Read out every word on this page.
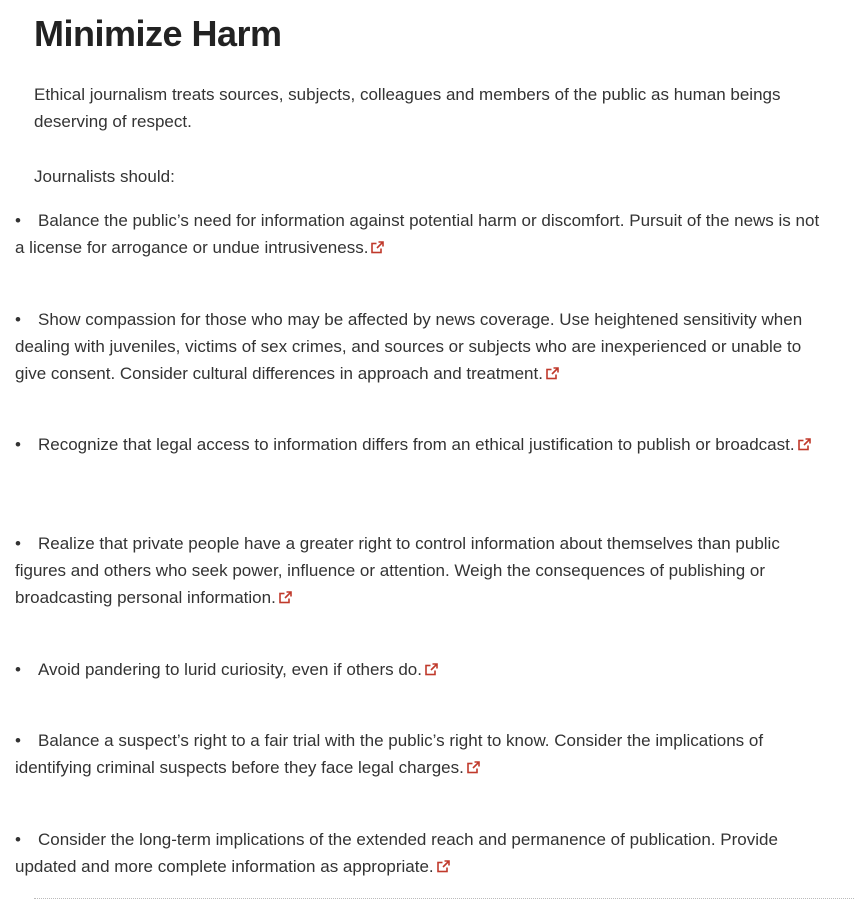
Minimize Harm

Ethical journalism treats sources, subjects, colleagues and members of the public as human beings deserving of respect.

Journalists should:

• Balance the public’s need for information against potential harm or discomfort. Pursuit of the news is not a license for arrogance or undue intrusiveness.
• Show compassion for those who may be affected by news coverage. Use heightened sensitivity when dealing with juveniles, victims of sex crimes, and sources or subjects who are inexperienced or unable to give consent. Consider cultural differences in approach and treatment.
• Recognize that legal access to information differs from an ethical justification to publish or broadcast.
• Realize that private people have a greater right to control information about themselves than public figures and others who seek power, influence or attention. Weigh the consequences of publishing or broadcasting personal information.
• Avoid pandering to lurid curiosity, even if others do.
• Balance a suspect’s right to a fair trial with the public’s right to know. Consider the implications of identifying criminal suspects before they face legal charges.
• Consider the long-term implications of the extended reach and permanence of publication. Provide updated and more complete information as appropriate.
